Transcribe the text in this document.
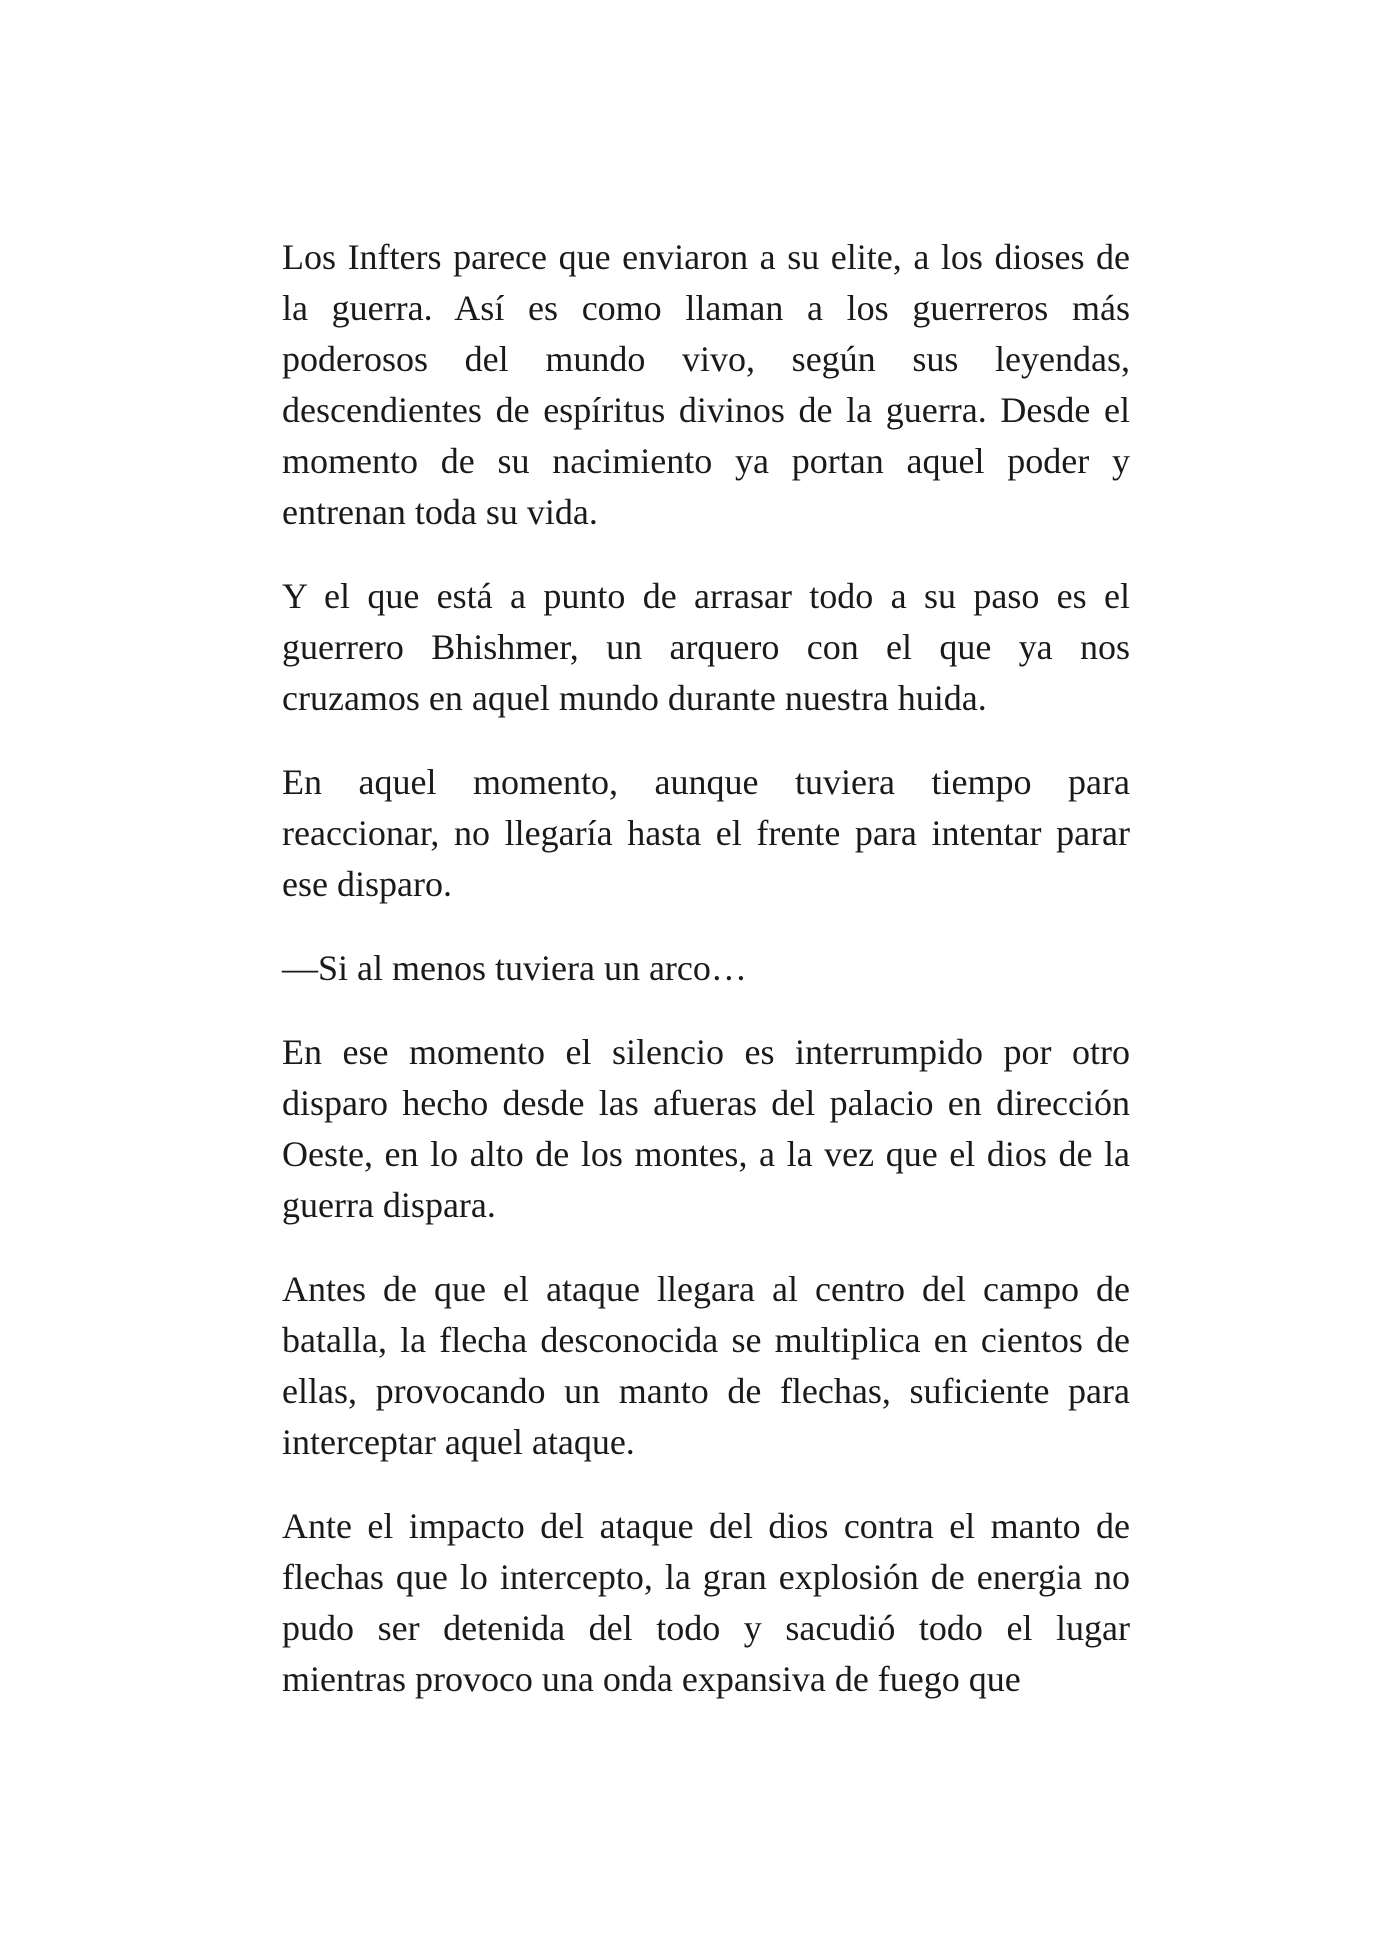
Los Infters parece que enviaron a su elite, a los dioses de la guerra. Así es como llaman a los guerreros más poderosos del mundo vivo, según sus leyendas, descendientes de espíritus divinos de la guerra. Desde el momento de su nacimiento ya portan aquel poder y entrenan toda su vida.

Y el que está a punto de arrasar todo a su paso es el guerrero Bhishmer, un arquero con el que ya nos cruzamos en aquel mundo durante nuestra huida.

En aquel momento, aunque tuviera tiempo para reaccionar, no llegaría hasta el frente para intentar parar ese disparo.

—Si al menos tuviera un arco…

En ese momento el silencio es interrumpido por otro disparo hecho desde las afueras del palacio en dirección Oeste, en lo alto de los montes, a la vez que el dios de la guerra dispara.

Antes de que el ataque llegara al centro del campo de batalla, la flecha desconocida se multiplica en cientos de ellas, provocando un manto de flechas, suficiente para interceptar aquel ataque.

Ante el impacto del ataque del dios contra el manto de flechas que lo intercepto, la gran explosión de energia no pudo ser detenida del todo y sacudió todo el lugar mientras provoco una onda expansiva de fuego que
